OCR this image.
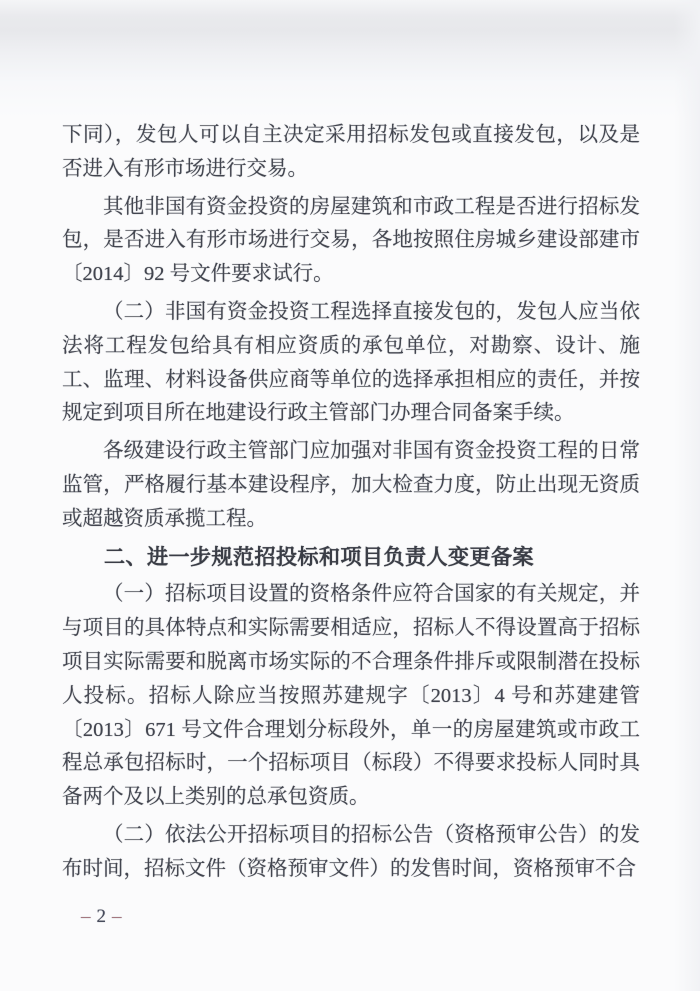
下同），发包人可以自主决定采用招标发包或直接发包，以及是否进入有形市场进行交易。

其他非国有资金投资的房屋建筑和市政工程是否进行招标发包，是否进入有形市场进行交易，各地按照住房城乡建设部建市〔2014〕92 号文件要求试行。

（二）非国有资金投资工程选择直接发包的，发包人应当依法将工程发包给具有相应资质的承包单位，对勘察、设计、施工、监理、材料设备供应商等单位的选择承担相应的责任，并按规定到项目所在地建设行政主管部门办理合同备案手续。

各级建设行政主管部门应加强对非国有资金投资工程的日常监管，严格履行基本建设程序，加大检查力度，防止出现无资质或超越资质承揽工程。

二、进一步规范招投标和项目负责人变更备案

（一）招标项目设置的资格条件应符合国家的有关规定，并与项目的具体特点和实际需要相适应，招标人不得设置高于招标项目实际需要和脱离市场实际的不合理条件排斥或限制潜在投标人投标。招标人除应当按照苏建规字〔2013〕4 号和苏建建管〔2013〕671 号文件合理划分标段外，单一的房屋建筑或市政工程总承包招标时，一个招标项目（标段）不得要求投标人同时具备两个及以上类别的总承包资质。

（二）依法公开招标项目的招标公告（资格预审公告）的发布时间，招标文件（资格预审文件）的发售时间，资格预审不合

– 2 –
